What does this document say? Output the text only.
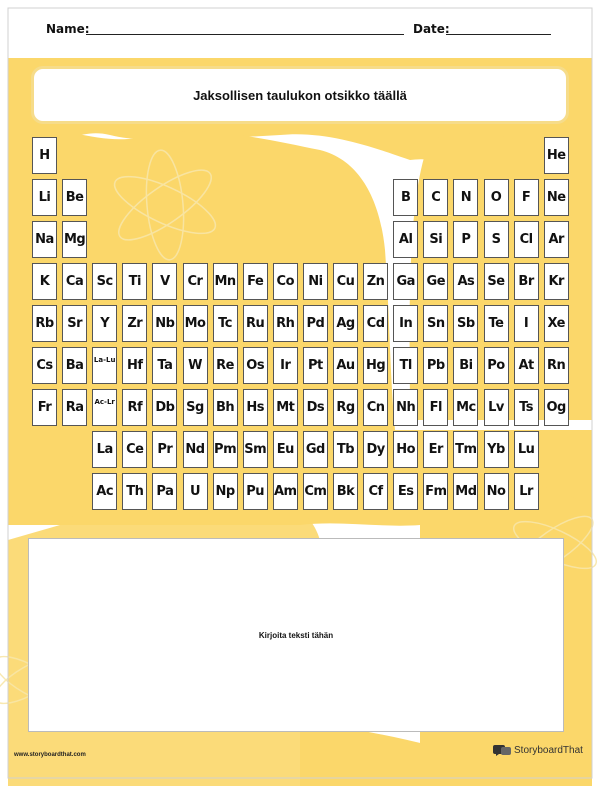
Name:	Date:
Jaksollisen taulukon otsikko täällä
H	He
Li	Be	B	C	N	O	F	Ne
Na Mg	Al	Si	P	S	Cl	Ar
K	Ca	Sc	Ti	V	Cr Mn Fe	Co	Ni	Cu Zn Ga Ge As	Se	Br	Kr
Rb	Sr	Y	Zr	Nb Mo Tc	Ru Rh Pd Ag Cd	In	Sn Sb	Te	I	Xe
Cs	Ba	La-Lu Hf	Ta	W	Re Os	Ir	Pt	Au Hg	Tl	Pb	Bi	Po	At	Rn
Fr	Ra	Ac-Lr Rf	Db Sg Bh Hs Mt Ds Rg Cn Nh	Fl	Mc Lv	Ts	Og
La	Ce	Pr	Nd Pm Sm Eu Gd Tb Dy Ho	Er Tm Yb Lu
Ac	Th	Pa	U	Np Pu Am Cm Bk	Cf	Es Fm Md No	Lr
Kirjoita teksti tähän
www.storyboardthat.com	StoryboardThat
